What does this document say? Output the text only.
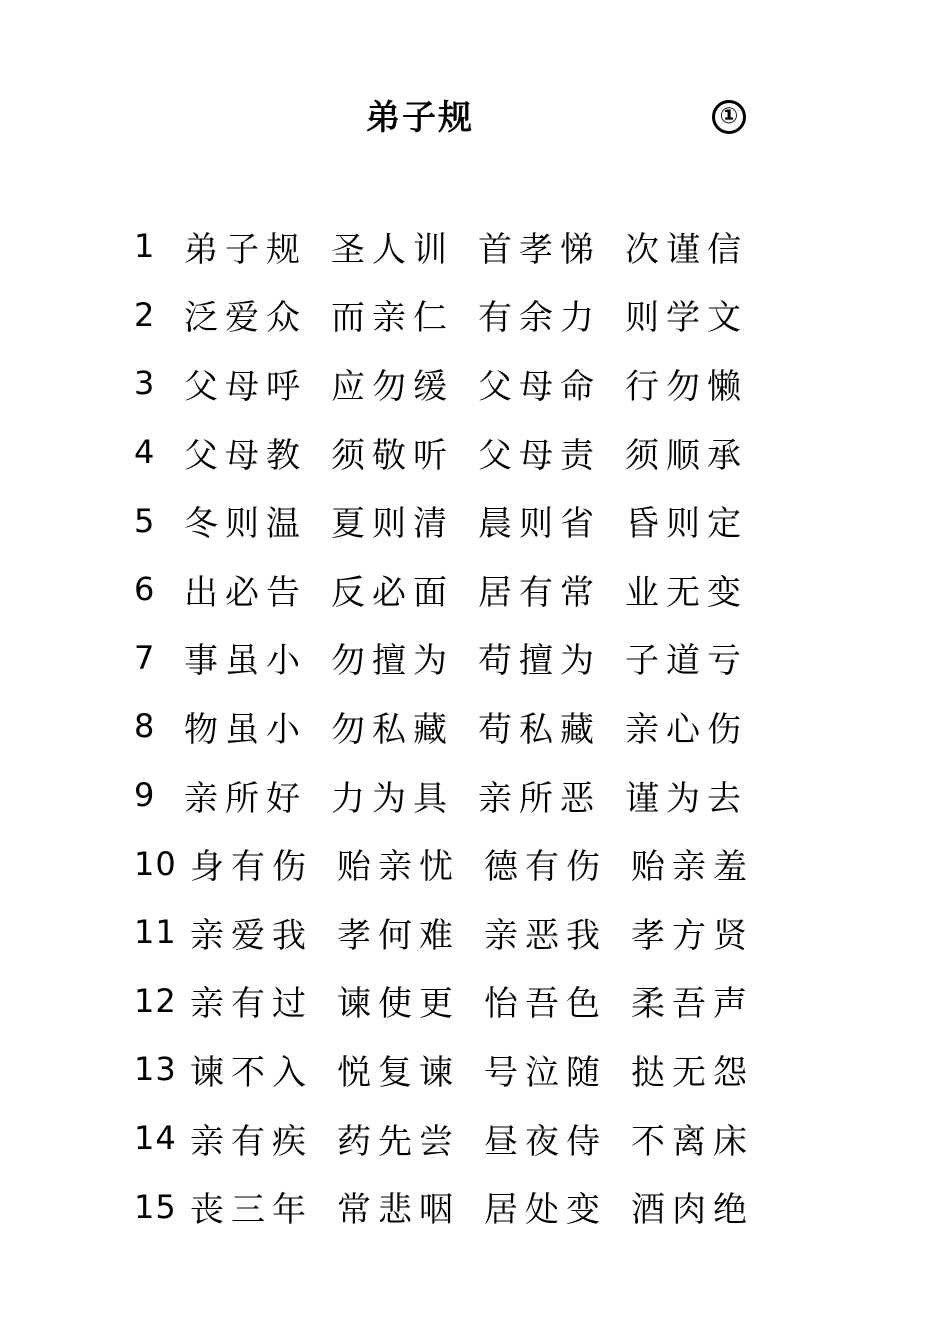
弟子规	①
1 弟子规 圣人训 首孝悌 次谨信
2 泛爱众 而亲仁 有余力 则学文
3 父母呼 应勿缓 父母命 行勿懒
4 父母教 须敬听 父母责 须顺承
5 冬则温 夏则清 晨则省 昏则定
6 出必告 反必面 居有常 业无变
7 事虽小 勿擅为 苟擅为 子道亏
8 物虽小 勿私藏 苟私藏 亲心伤
9 亲所好 力为具 亲所恶 谨为去
10 身有伤 贻亲忧 德有伤 贻亲羞
11 亲爱我 孝何难 亲恶我 孝方贤
12 亲有过 谏使更 怡吾色 柔吾声
13 谏不入 悦复谏 号泣随 挞无怨
14 亲有疾 药先尝 昼夜侍 不离床
15 丧三年 常悲咽 居处变 酒肉绝
